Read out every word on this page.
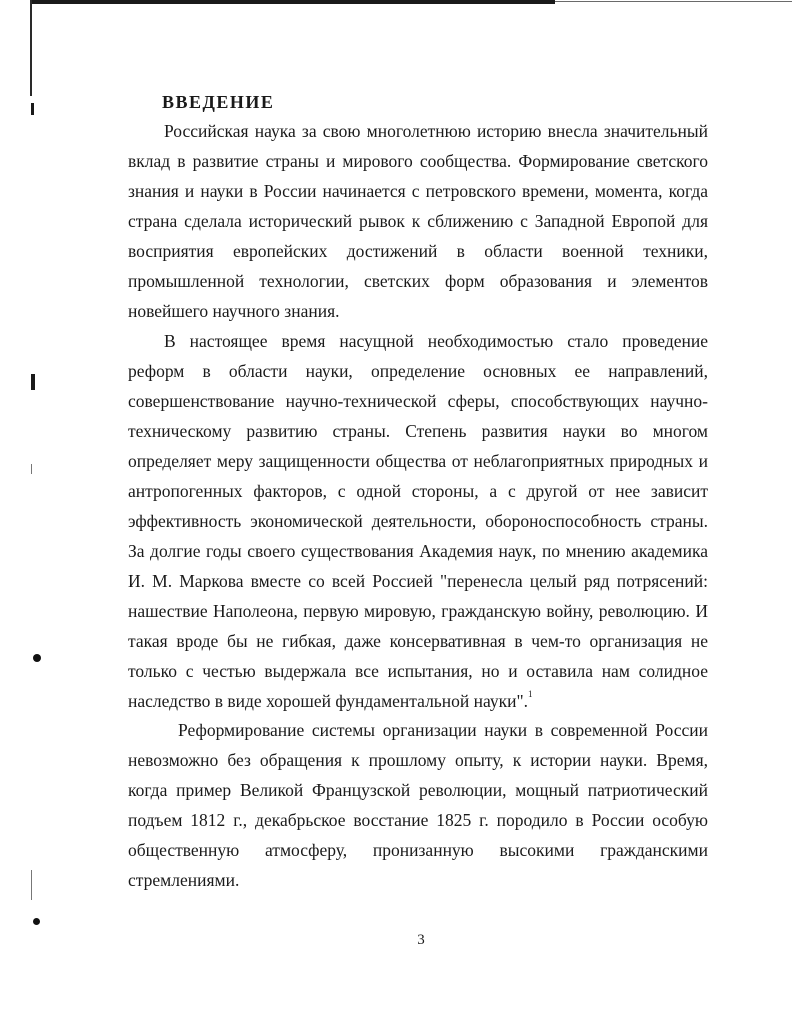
ВВЕДЕНИЕ

Российская наука за свою многолетнюю историю внесла значительный вклад в развитие страны и мирового сообщества. Формирование светского знания и науки в России начинается с петровского времени, момента, когда страна сделала исторический рывок к сближению с Западной Европой для восприятия европейских достижений в области военной техники, промышленной технологии, светских форм образования и элементов новейшего научного знания.

В настоящее время насущной необходимостью стало проведение реформ в области науки, определение основных ее направлений, совершенствование научно-технической сферы, способствующих научно-техническому развитию страны. Степень развития науки во многом определяет меру защищенности общества от неблагоприятных природных и антропогенных факторов, с одной стороны, а с другой от нее зависит эффективность экономической деятельности, обороноспособность страны. За долгие годы своего существования Академия наук, по мнению академика И. М. Маркова вместе со всей Россией "перенесла целый ряд потрясений: нашествие Наполеона, первую мировую, гражданскую войну, революцию. И такая вроде бы не гибкая, даже консервативная в чем-то организация не только с честью выдержала все испытания, но и оставила нам солидное наследство в виде хорошей фундаментальной науки".$^1$

Реформирование системы организации науки в современной России невозможно без обращения к прошлому опыту, к истории науки. Время, когда пример Великой Французской революции, мощный патриотический подъем 1812 г., декабрьское восстание 1825 г. породило в России особую общественную атмосферу, пронизанную высокими гражданскими стремлениями.

3
